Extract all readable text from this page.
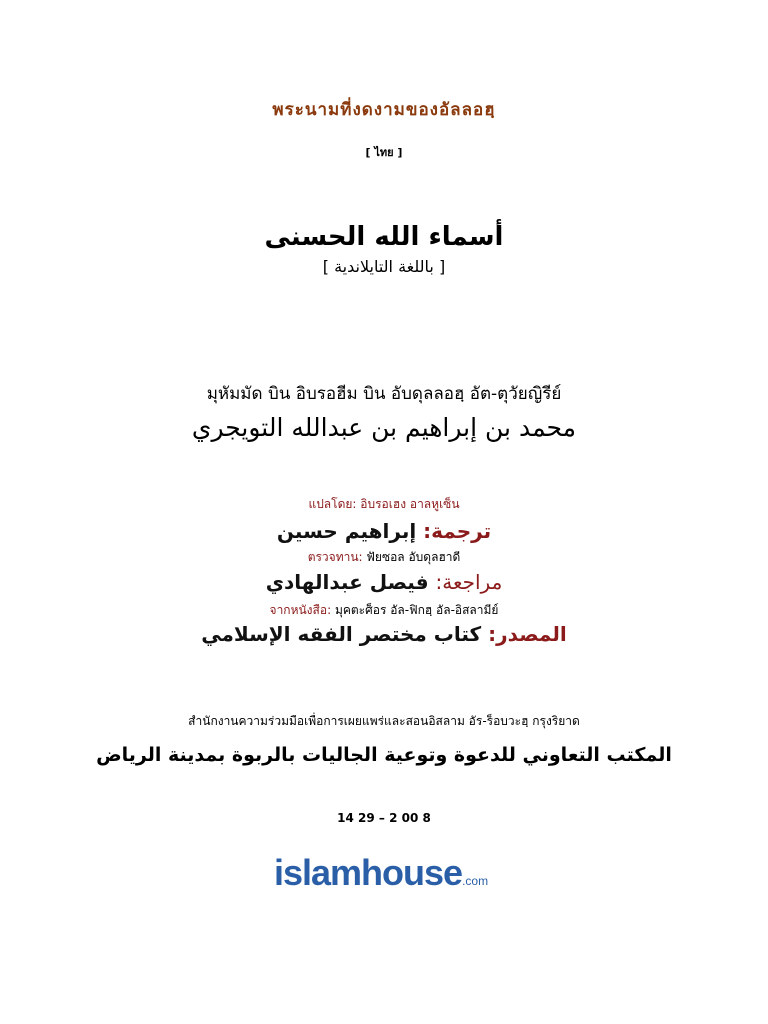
พระนามที่งดงามของอัลลอฮฺ
[ ไทย ]
أسماء الله الحسنى
[ باللغة التايلاندية ]
มุหัมมัด บิน อิบรอฮีม บิน อับดุลลอฮฺ อัต-ตุวัยญิรีย์
محمد بن إبراهيم بن عبدالله التويجري
แปลโดย: อิบรอเฮง อาลหูเซ็น
ترجمة: إبراهيم حسين
ตรวจทาน: ฟัยซอล อับดุลฮาดี
مراجعة: فيصل عبدالهادي
จากหนังสือ: มุคตะศ็อร อัล-ฟิกฮฺ อัล-อิสลามีย์
المصدر: كتاب مختصر الفقه الإسلامي
สำนักงานความร่วมมือเพื่อการเผยแพร่และสอนอิสลาม อัร-ร็อบวะฮฺ กรุงริยาด
المكتب التعاوني للدعوة وتوعية الجاليات بالربوة بمدينة الرياض
14 29 – 2 00 8
islamhouse.com
